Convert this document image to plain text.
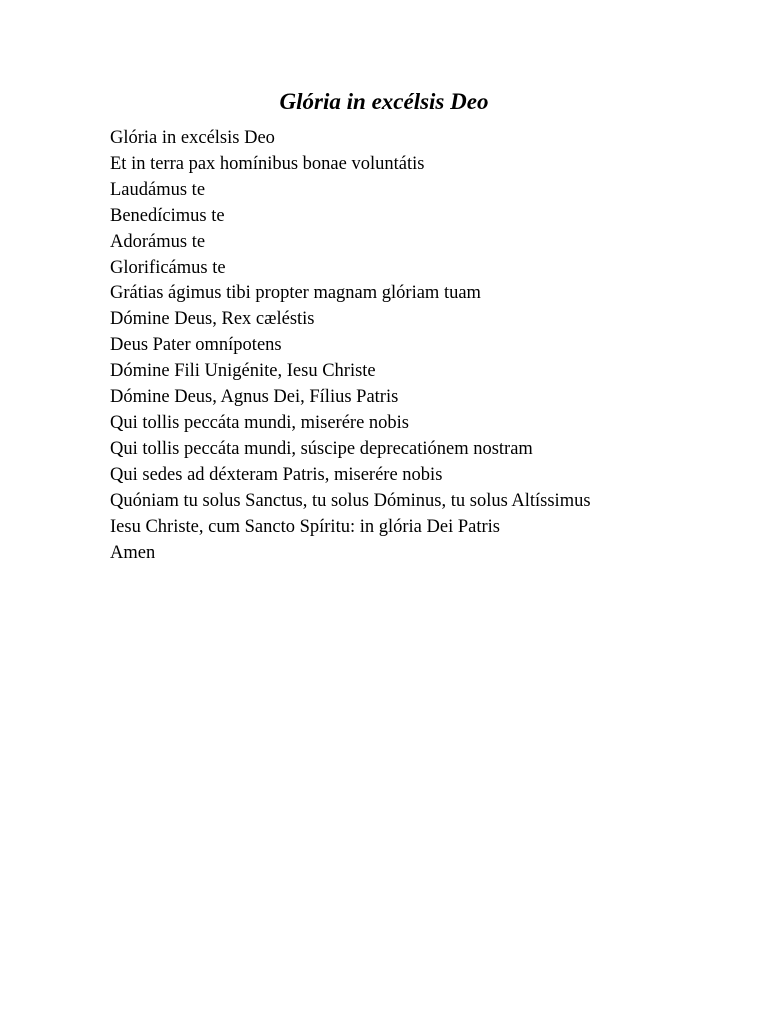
Glória in excélsis Deo
Glória in excélsis Deo
Et in terra pax homínibus bonae voluntátis
Laudámus te
Benedícimus te
Adorámus te
Glorificámus te
Grátias ágimus tibi propter magnam glóriam tuam
Dómine Deus, Rex cæléstis
Deus Pater omnípotens
Dómine Fili Unigénite, Iesu Christe
Dómine Deus, Agnus Dei, Fílius Patris
Qui tollis peccáta mundi, miserére nobis
Qui tollis peccáta mundi, súscipe deprecatiónem nostram
Qui sedes ad déxteram Patris, miserére nobis
Quóniam tu solus Sanctus, tu solus Dóminus, tu solus Altíssimus
Iesu Christe, cum Sancto Spíritu: in glória Dei Patris
Amen
